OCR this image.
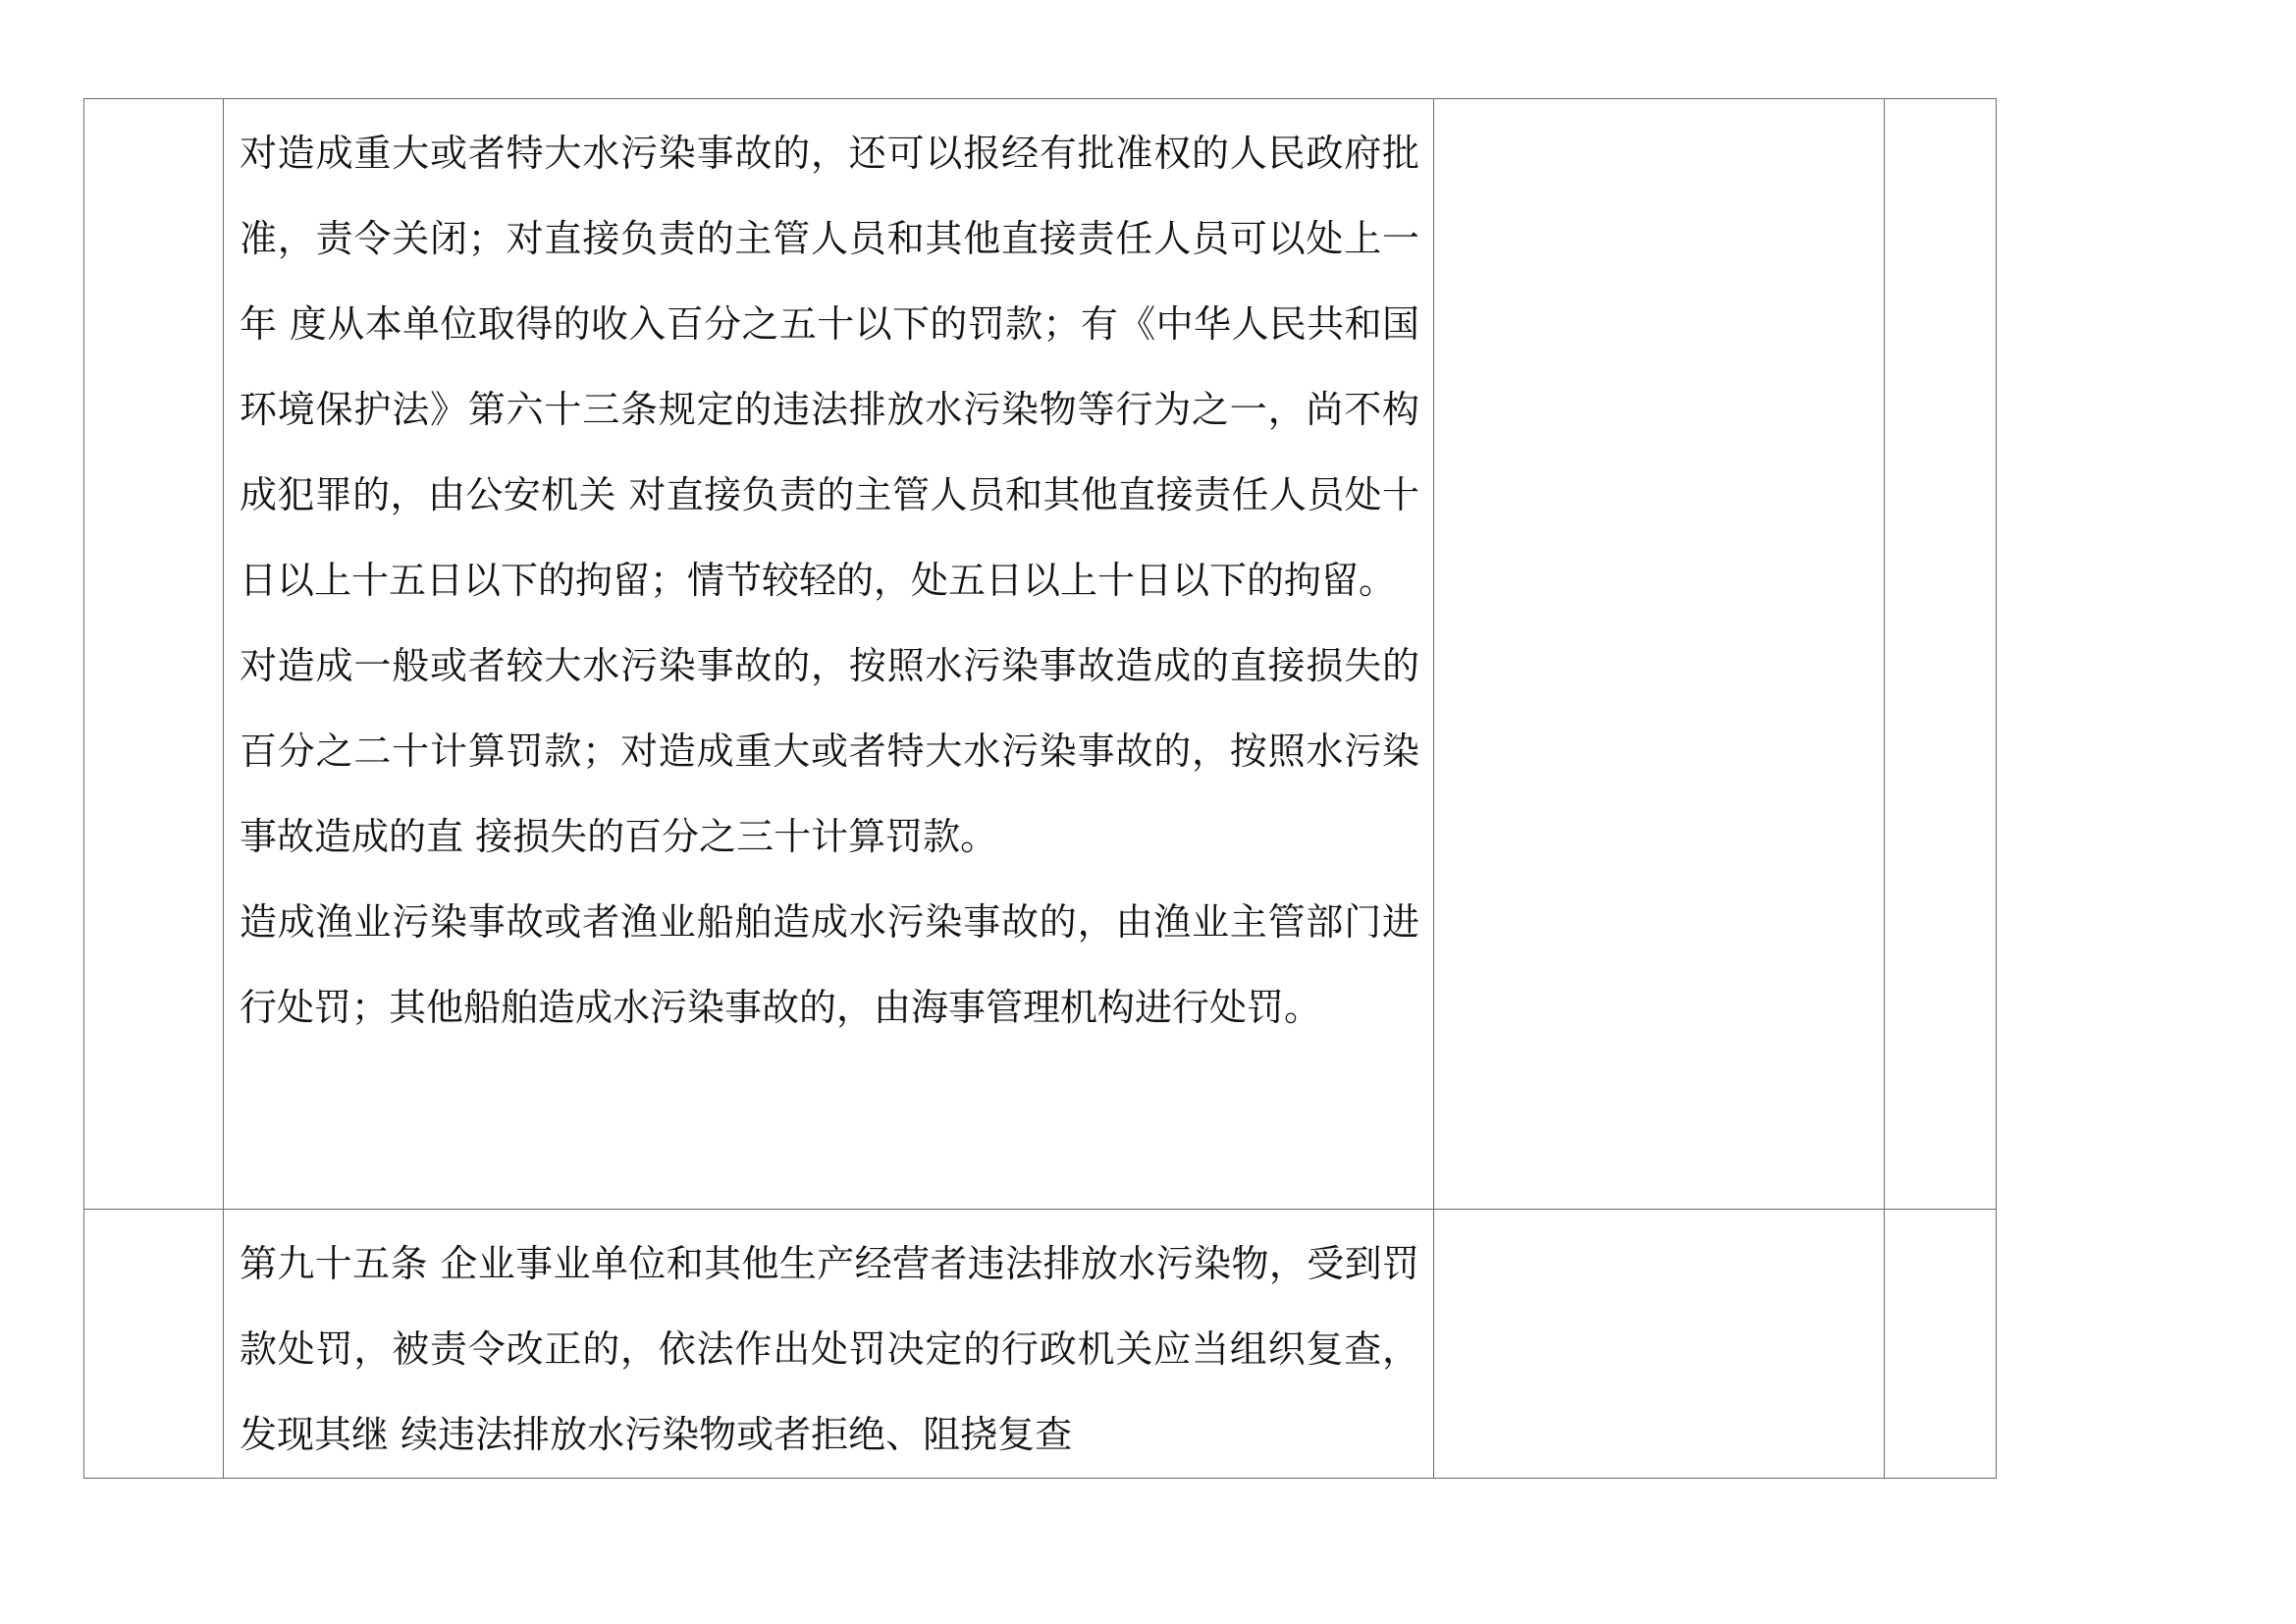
	对造成重大或者特大水污染事故的，还可以报经有批准权的人民政府批准，责令关闭；对直接负责的主管人员和其他直接责任人员可以处上一年 度从本单位取得的收入百分之五十以下的罚款；有《中华人民共和国环境保护法》第六十三条规定的违法排放水污染物等行为之一，尚不构成犯罪的，由公安机关 对直接负责的主管人员和其他直接责任人员处十日以上十五日以下的拘留；情节较轻的，处五日以上十日以下的拘留。

对造成一般或者较大水污染事故的，按照水污染事故造成的直接损失的百分之二十计算罚款；对造成重大或者特大水污染事故的，按照水污染事故造成的直 接损失的百分之三十计算罚款。

造成渔业污染事故或者渔业船舶造成水污染事故的，由渔业主管部门进行处罚；其他船舶造成水污染事故的，由海事管理机构进行处罚。		

	第九十五条 企业事业单位和其他生产经营者违法排放水污染物，受到罚 款处罚，被责令改正的，依法作出处罚决定的行政机关应当组织复查，发现其继 续违法排放水污染物或者拒绝、阻挠复查		
